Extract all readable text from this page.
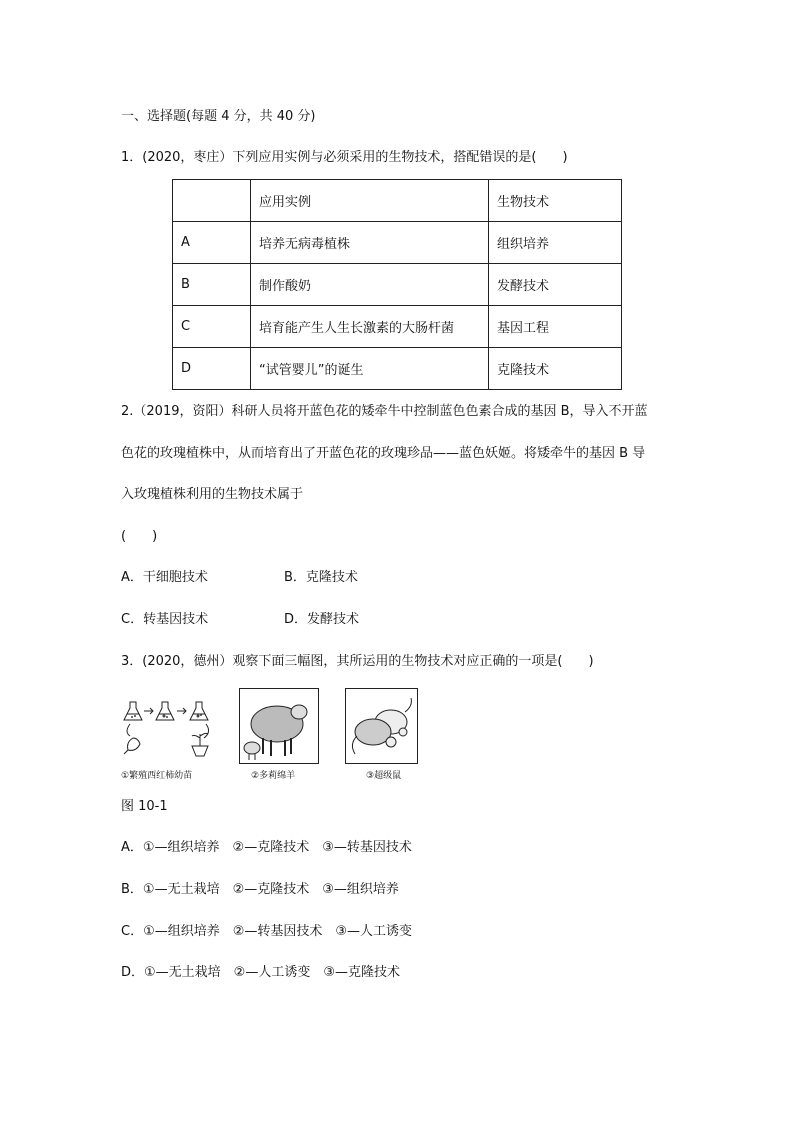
一、选择题(每题 4 分，共 40 分)
1．(2020，枣庄）下列应用实例与必须采用的生物技术，搭配错误的是(　　)
	应用实例	生物技术
A	培养无病毒植株	组织培养
B	制作酸奶	发酵技术
C	培育能产生人生长激素的大肠杆菌	基因工程
D	“试管婴儿”的诞生	克隆技术
2.（2019，资阳）科研人员将开蓝色花的矮牵牛中控制蓝色色素合成的基因 B，导入不开蓝
色花的玫瑰植株中，从而培育出了开蓝色花的玫瑰珍品——蓝色妖姬。将矮牵牛的基因 B 导
入玫瑰植株利用的生物技术属于
(　　)
A．干细胞技术	B．克隆技术
C．转基因技术	D．发酵技术
3．(2020，德州）观察下面三幅图，其所运用的生物技术对应正确的一项是(　　)
①繁殖西红柿幼苗	②多莉绵羊	③超级鼠
图 10-1
A．①—组织培养　②—克隆技术　③—转基因技术
B．①—无土栽培　②—克隆技术　③—组织培养
C．①—组织培养　②—转基因技术　③—人工诱变
D．①—无土栽培　②—人工诱变　③—克隆技术
